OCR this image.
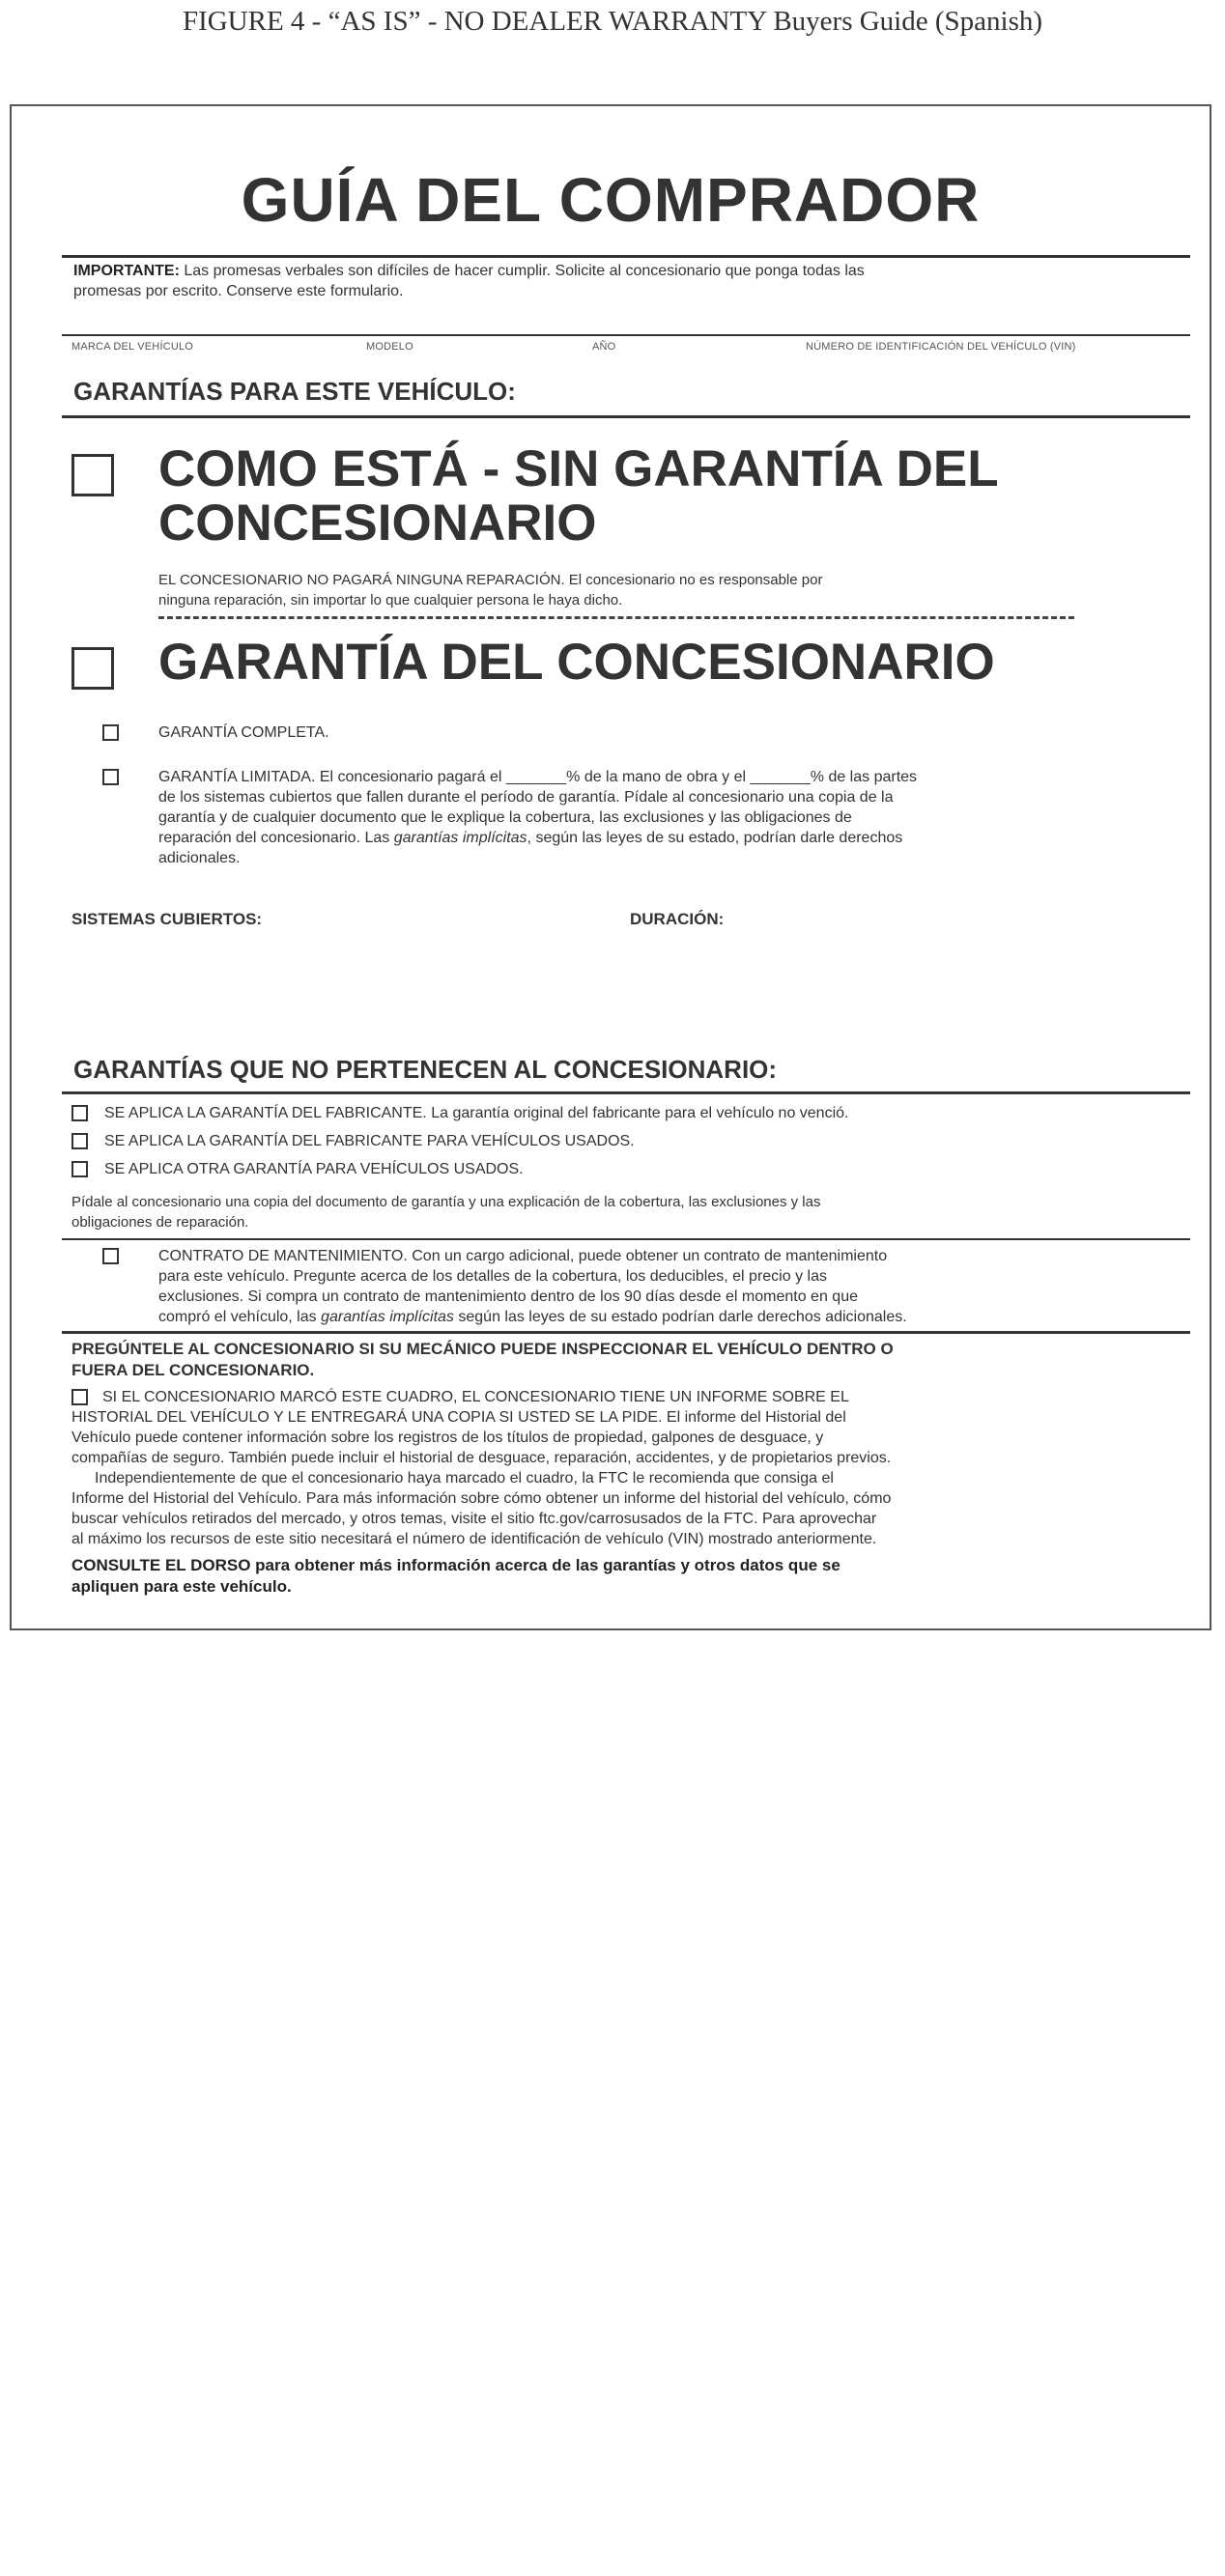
FIGURE 4 - “AS IS” - NO DEALER WARRANTY Buyers Guide (Spanish)
GUÍA DEL COMPRADOR
IMPORTANTE: Las promesas verbales son difíciles de hacer cumplir. Solicite al concesionario que ponga todas las
promesas por escrito. Conserve este formulario.
MARCA DEL VEHÍCULO	MODELO	AÑO	NÚMERO DE IDENTIFICACIÓN DEL VEHÍCULO (VIN)
GARANTÍAS PARA ESTE VEHÍCULO:
COMO ESTÁ - SIN GARANTÍA DEL
CONCESIONARIO
EL CONCESIONARIO NO PAGARÁ NINGUNA REPARACIÓN. El concesionario no es responsable por
ninguna reparación, sin importar lo que cualquier persona le haya dicho.
GARANTÍA DEL CONCESIONARIO
GARANTÍA COMPLETA.
GARANTÍA LIMITADA. El concesionario pagará el _______% de la mano de obra y el _______% de las partes
de los sistemas cubiertos que fallen durante el período de garantía. Pídale al concesionario una copia de la
garantía y de cualquier documento que le explique la cobertura, las exclusiones y las obligaciones de
reparación del concesionario. Las garantías implícitas, según las leyes de su estado, podrían darle derechos
adicionales.
SISTEMAS CUBIERTOS:	DURACIÓN:
GARANTÍAS QUE NO PERTENECEN AL CONCESIONARIO:
SE APLICA LA GARANTÍA DEL FABRICANTE. La garantía original del fabricante para el vehículo no venció.
SE APLICA LA GARANTÍA DEL FABRICANTE PARA VEHÍCULOS USADOS.
SE APLICA OTRA GARANTÍA PARA VEHÍCULOS USADOS.
Pídale al concesionario una copia del documento de garantía y una explicación de la cobertura, las exclusiones y las
obligaciones de reparación.
CONTRATO DE MANTENIMIENTO. Con un cargo adicional, puede obtener un contrato de mantenimiento
para este vehículo. Pregunte acerca de los detalles de la cobertura, los deducibles, el precio y las
exclusiones. Si compra un contrato de mantenimiento dentro de los 90 días desde el momento en que
compró el vehículo, las garantías implícitas según las leyes de su estado podrían darle derechos adicionales.
PREGÚNTELE AL CONCESIONARIO SI SU MECÁNICO PUEDE INSPECCIONAR EL VEHÍCULO DENTRO O
FUERA DEL CONCESIONARIO.
SI EL CONCESIONARIO MARCÓ ESTE CUADRO, EL CONCESIONARIO TIENE UN INFORME SOBRE EL
HISTORIAL DEL VEHÍCULO Y LE ENTREGARÁ UNA COPIA SI USTED SE LA PIDE. El informe del Historial del
Vehículo puede contener información sobre los registros de los títulos de propiedad, galpones de desguace, y
compañías de seguro. También puede incluir el historial de desguace, reparación, accidentes, y de propietarios previos.
Independientemente de que el concesionario haya marcado el cuadro, la FTC le recomienda que consiga el
Informe del Historial del Vehículo. Para más información sobre cómo obtener un informe del historial del vehículo, cómo
buscar vehículos retirados del mercado, y otros temas, visite el sitio ftc.gov/carrosusados de la FTC. Para aprovechar
al máximo los recursos de este sitio necesitará el número de identificación de vehículo (VIN) mostrado anteriormente.
CONSULTE EL DORSO para obtener más información acerca de las garantías y otros datos que se
apliquen para este vehículo.
